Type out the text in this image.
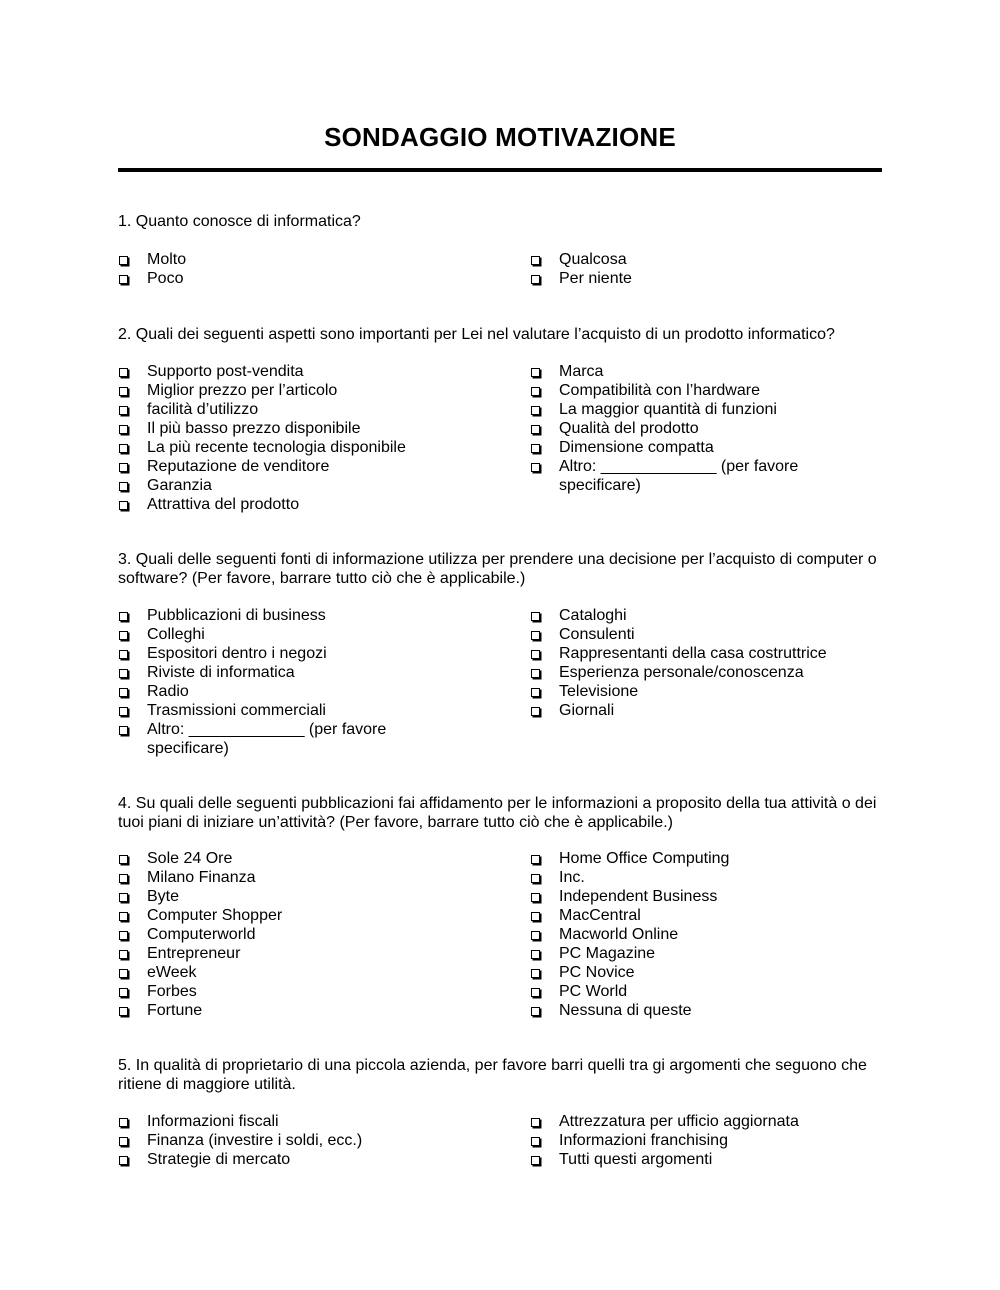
SONDAGGIO MOTIVAZIONE
1. Quanto conosce di informatica?
Molto
Poco
Qualcosa
Per niente
2. Quali dei seguenti aspetti sono importanti per Lei nel valutare l’acquisto di un prodotto informatico?
Supporto post-vendita
Miglior prezzo per l’articolo
facilità d’utilizzo
Il più basso prezzo disponibile
La più recente tecnologia disponibile
Reputazione de venditore
Garanzia
Attrattiva del prodotto
Marca
Compatibilità con l’hardware
La maggior quantità di funzioni
Qualità del prodotto
Dimensione compatta
Altro: _____________ (per favore specificare)
3. Quali delle seguenti fonti di informazione utilizza per prendere una decisione per l’acquisto di computer o software? (Per favore, barrare tutto ciò che è applicabile.)
Pubblicazioni di business
Colleghi
Espositori dentro i negozi
Riviste di informatica
Radio
Trasmissioni commerciali
Altro: _____________ (per favore specificare)
Cataloghi
Consulenti
Rappresentanti della casa costruttrice
Esperienza personale/conoscenza
Televisione
Giornali
4. Su quali delle seguenti pubblicazioni fai affidamento per le informazioni a proposito della tua attività o dei tuoi piani di iniziare un’attività? (Per favore, barrare tutto ciò che è applicabile.)
Sole 24 Ore
Milano Finanza
Byte
Computer Shopper
Computerworld
Entrepreneur
eWeek
Forbes
Fortune
Home Office Computing
Inc.
Independent Business
MacCentral
Macworld Online
PC Magazine
PC Novice
PC World
Nessuna di queste
5. In qualità di proprietario di una piccola azienda, per favore barri quelli tra gi argomenti che seguono che ritiene di maggiore utilità.
Informazioni fiscali
Finanza (investire i soldi, ecc.)
Strategie di mercato
Attrezzatura per ufficio aggiornata
Informazioni franchising
Tutti questi argomenti
